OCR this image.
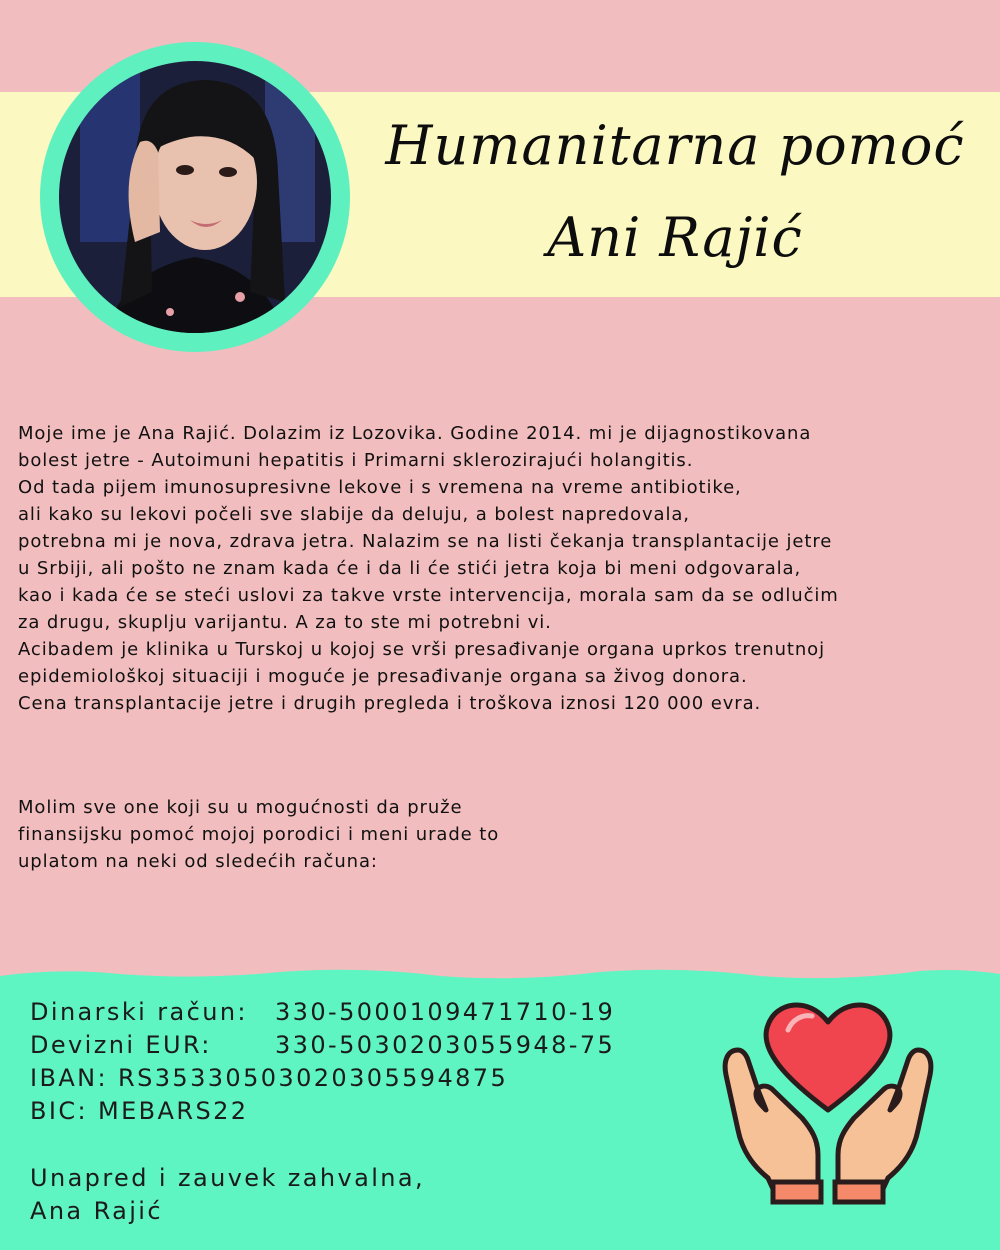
Humanitarna pomoć
Ani Rajić
Moje ime je Ana Rajić. Dolazim iz Lozovika. Godine 2014. mi je dijagnostikovana
bolest jetre - Autoimuni hepatitis i Primarni sklerozirajući holangitis.
Od tada pijem imunosupresivne lekove i s vremena na vreme antibiotike,
ali kako su lekovi počeli sve slabije da deluju, a bolest napredovala,
potrebna mi je nova, zdrava jetra. Nalazim se na listi čekanja transplantacije jetre
u Srbiji, ali pošto ne znam kada će i da li će stići jetra koja bi meni odgovarala,
kao i kada će se steći uslovi za takve vrste intervencija, morala sam da se odlučim
za drugu, skuplju varijantu. A za to ste mi potrebni vi.
Acibadem je klinika u Turskoj u kojoj se vrši presađivanje organa uprkos trenutnoj
epidemiološkoj situaciji i moguće je presađivanje organa sa živog donora.
Cena transplantacije jetre i drugih pregleda i troškova iznosi 120 000 evra.
Molim sve one koji su u mogućnosti da pruže
finansijsku pomoć mojoj porodici i meni urade to
uplatom na neki od sledećih računa:
Dinarski račun:	330-5000109471710-19
Devizni EUR:	330-5030203055948-75
IBAN: RS35330503020305594875
BIC: MEBARS22
Unapred i zauvek zahvalna,
Ana Rajić
